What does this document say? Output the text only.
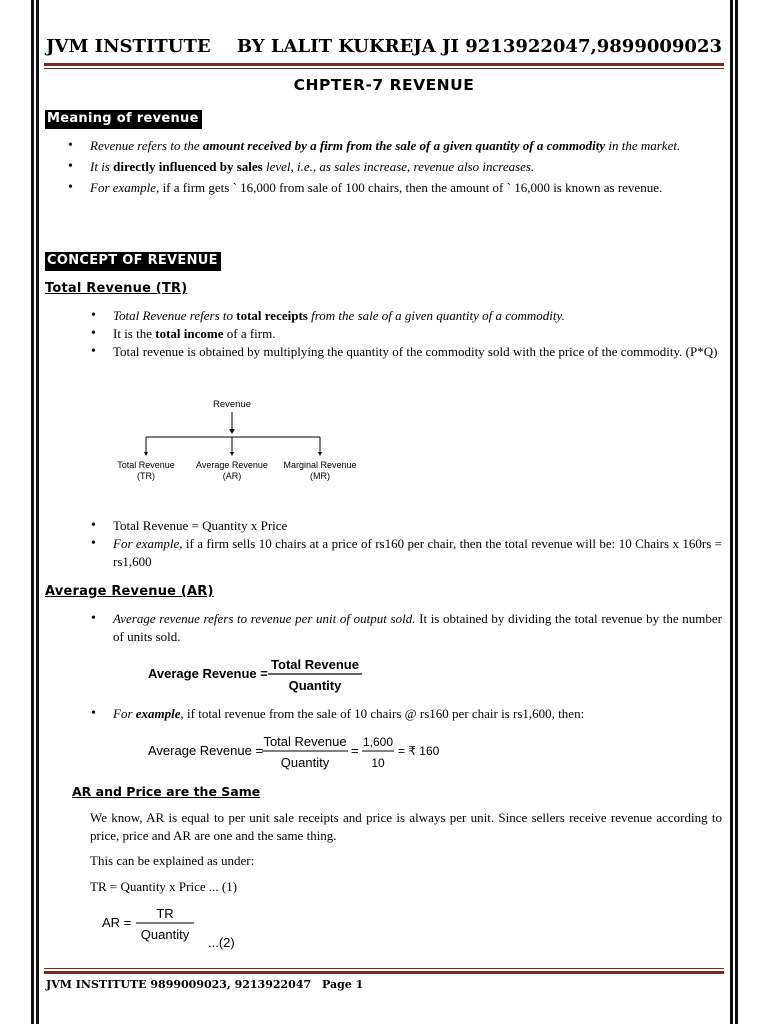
JVM INSTITUTE BY LALIT KUKREJA JI 9213922047,9899009023
CHPTER-7 REVENUE
Meaning of revenue
• Revenue refers to the amount received by a firm from the sale of a given quantity of a commodity in the market.
• It is directly influenced by sales level, i.e., as sales increase, revenue also increases.
• For example, if a firm gets ` 16,000 from sale of 100 chairs, then the amount of ` 16,000 is known as revenue.
CONCEPT OF REVENUE
Total Revenue (TR)
• Total Revenue refers to total receipts from the sale of a given quantity of a commodity.
• It is the total income of a firm.
• Total revenue is obtained by multiplying the quantity of the commodity sold with the price of the commodity. (P*Q)
Revenue
Total Revenue
(TR)
Average Revenue
(AR)
Marginal Revenue
(MR)
• Total Revenue = Quantity x Price
• For example, if a firm sells 10 chairs at a price of rs160 per chair, then the total revenue will be: 10 Chairs x 160rs = rs1,600
Average Revenue (AR)
• Average revenue refers to revenue per unit of output sold. It is obtained by dividing the total revenue by the number of units sold.
Average Revenue =
Total Revenue
Quantity
• For example, if total revenue from the sale of 10 chairs @ rs160 per chair is rs1,600, then:
Average Revenue =
Total Revenue
Quantity
=
1,600
10
= ₹ 160
AR and Price are the Same
We know, AR is equal to per unit sale receipts and price is always per unit. Since sellers receive revenue according to price, price and AR are one and the same thing.
This can be explained as under:
TR = Quantity x Price ... (1)
AR =
TR
Quantity
...(2)
JVM INSTITUTE 9899009023, 9213922047 Page 1
